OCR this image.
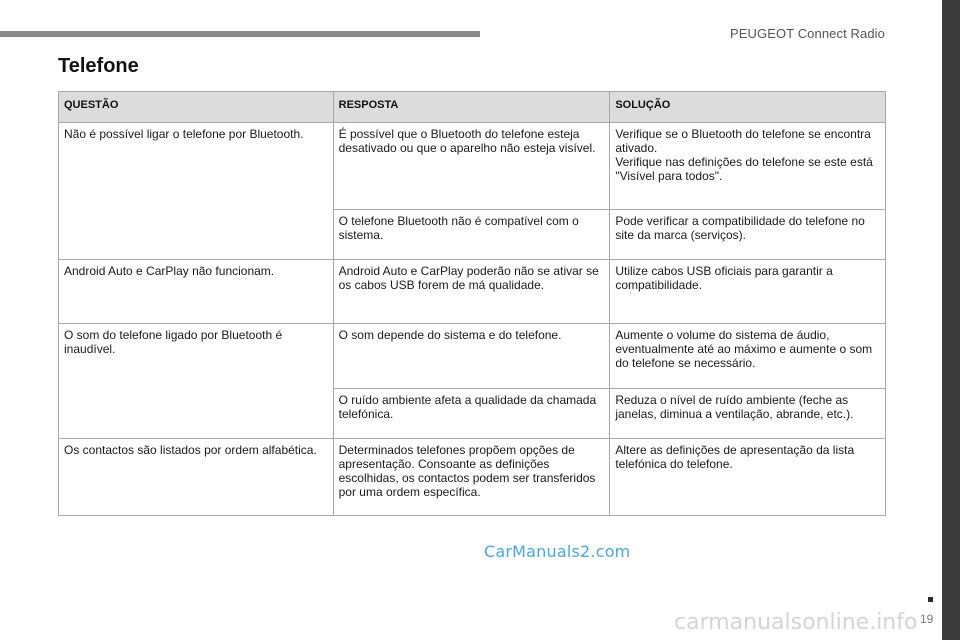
PEUGEOT Connect Radio
Telefone
QUESTÃO	RESPOSTA	SOLUÇÃO
Não é possível ligar o telefone por Bluetooth.	É possível que o Bluetooth do telefone esteja desativado ou que o aparelho não esteja visível.	Verifique se o Bluetooth do telefone se encontra ativado.
Verifique nas definições do telefone se este está "Visível para todos".
	O telefone Bluetooth não é compatível com o sistema.	Pode verificar a compatibilidade do telefone no site da marca (serviços).
Android Auto e CarPlay não funcionam.	Android Auto e CarPlay poderão não se ativar se os cabos USB forem de má qualidade.	Utilize cabos USB oficiais para garantir a compatibilidade.
O som do telefone ligado por Bluetooth é inaudível.	O som depende do sistema e do telefone.	Aumente o volume do sistema de áudio, eventualmente até ao máximo e aumente o som do telefone se necessário.
	O ruído ambiente afeta a qualidade da chamada telefónica.	Reduza o nível de ruído ambiente (feche as janelas, diminua a ventilação, abrande, etc.).
Os contactos são listados por ordem alfabética.	Determinados telefones propõem opções de apresentação. Consoante as definições escolhidas, os contactos podem ser transferidos por uma ordem específica.	Altere as definições de apresentação da lista telefónica do telefone.
CarManuals2.com
carmanualsonline.info 19
